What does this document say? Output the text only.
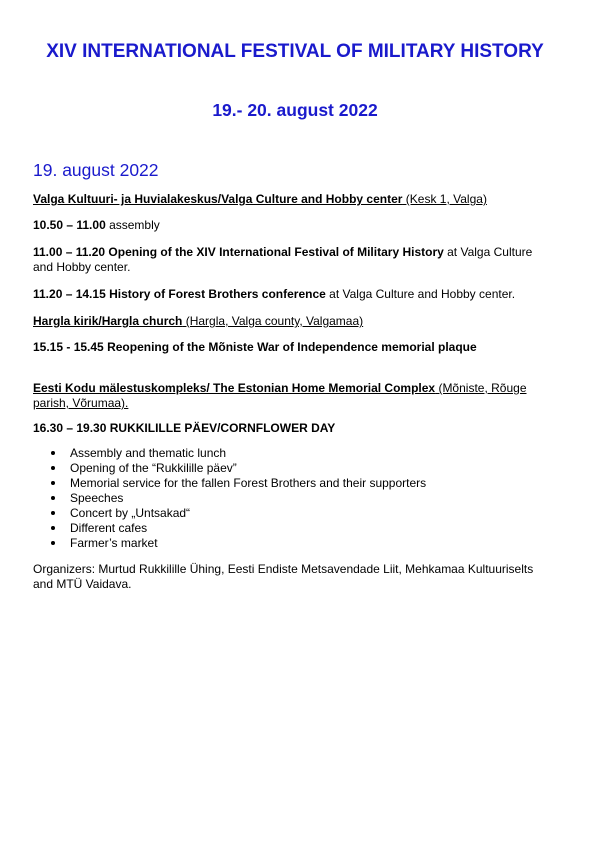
XIV INTERNATIONAL FESTIVAL OF MILITARY HISTORY
19.- 20. august 2022
19. august 2022
Valga Kultuuri- ja Huvialakeskus/Valga Culture and Hobby center (Kesk 1, Valga)
10.50 – 11.00 assembly
11.00 – 11.20 Opening of the XIV International Festival of Military History at Valga Culture and Hobby center.
11.20 – 14.15 History of Forest Brothers conference at Valga Culture and Hobby center.
Hargla kirik/Hargla church (Hargla, Valga county, Valgamaa)
15.15 - 15.45 Reopening of the Mõniste War of Independence memorial plaque
Eesti Kodu mälestuskompleks/ The Estonian Home Memorial Complex (Mõniste, Rõuge parish, Võrumaa).
16.30 – 19.30 RUKKILILLE PÄEV/CORNFLOWER DAY
Assembly and thematic lunch
Opening of the “Rukkilille päev”
Memorial service for the fallen Forest Brothers and their supporters
Speeches
Concert by „Untsakad“
Different cafes
Farmer’s market
Organizers: Murtud Rukkilille Ühing, Eesti Endiste Metsavendade Liit, Mehkamaa Kultuuriselts and MTÜ Vaidava.
